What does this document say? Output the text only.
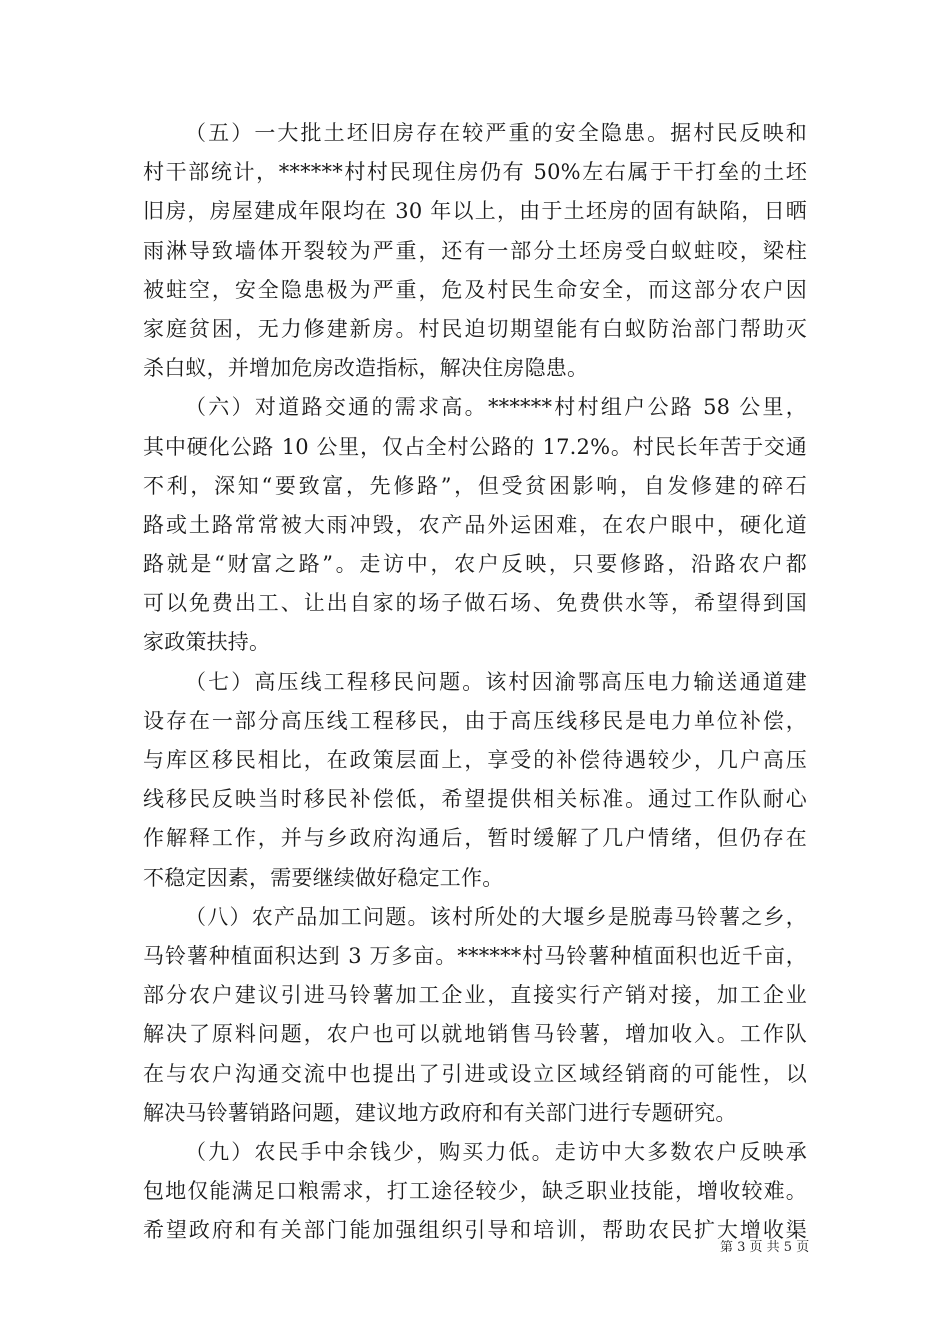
（五）一大批土坯旧房存在较严重的安全隐患。据村民反映和
村干部统计，******村村民现住房仍有 50%左右属于干打垒的土坯
旧房，房屋建成年限均在 30 年以上，由于土坯房的固有缺陷，日晒
雨淋导致墙体开裂较为严重，还有一部分土坯房受白蚁蛀咬，梁柱
被蛀空，安全隐患极为严重，危及村民生命安全，而这部分农户因
家庭贫困，无力修建新房。村民迫切期望能有白蚁防治部门帮助灭
杀白蚁，并增加危房改造指标，解决住房隐患。
（六）对道路交通的需求高。******村村组户公路 58 公里，
其中硬化公路 10 公里，仅占全村公路的 17.2%。村民长年苦于交通
不利，深知“要致富，先修路”，但受贫困影响，自发修建的碎石
路或土路常常被大雨冲毁，农产品外运困难，在农户眼中，硬化道
路就是“财富之路”。走访中，农户反映，只要修路，沿路农户都
可以免费出工、让出自家的场子做石场、免费供水等，希望得到国
家政策扶持。
（七）高压线工程移民问题。该村因渝鄂高压电力输送通道建
设存在一部分高压线工程移民，由于高压线移民是电力单位补偿，
与库区移民相比，在政策层面上，享受的补偿待遇较少，几户高压
线移民反映当时移民补偿低，希望提供相关标准。通过工作队耐心
作解释工作，并与乡政府沟通后，暂时缓解了几户情绪，但仍存在
不稳定因素，需要继续做好稳定工作。
（八）农产品加工问题。该村所处的大堰乡是脱毒马铃薯之乡，
马铃薯种植面积达到 3 万多亩。******村马铃薯种植面积也近千亩，
部分农户建议引进马铃薯加工企业，直接实行产销对接，加工企业
解决了原料问题，农户也可以就地销售马铃薯，增加收入。工作队
在与农户沟通交流中也提出了引进或设立区域经销商的可能性，以
解决马铃薯销路问题，建议地方政府和有关部门进行专题研究。
（九）农民手中余钱少，购买力低。走访中大多数农户反映承
包地仅能满足口粮需求，打工途径较少，缺乏职业技能，增收较难。
希望政府和有关部门能加强组织引导和培训，帮助农民扩大增收渠
第 3 页 共 5 页
